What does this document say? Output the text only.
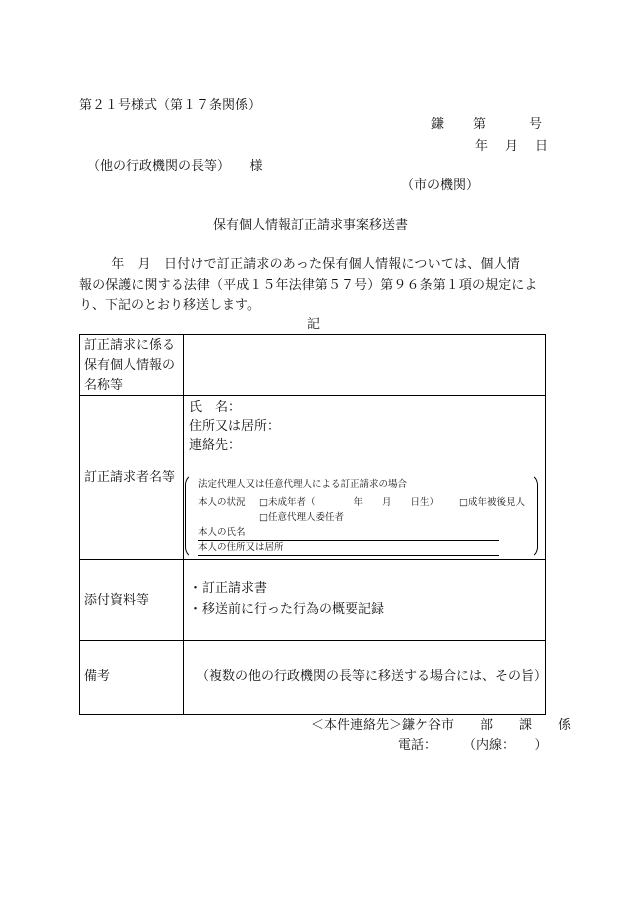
第２１号様式（第１７条関係）
鎌　　第　　　号
年　月　日
（他の行政機関の長等）　　様
（市の機関）
保有個人情報訂正請求事案移送書
　年　月　日付けで訂正請求のあった保有個人情報については、個人情
報の保護に関する法律（平成１５年法律第５７号）第９６条第１項の規定によ
り、下記のとおり移送します。
記
訂正請求に係る
保有個人情報の
名称等
訂正請求者名等
氏　名：
住所又は居所：
連絡先：
法定代理人又は任意代理人による訂正請求の場合
本人の状況 □未成年者（　　　　年　　月　　日生） □成年被後見人
□任意代理人委任者
本人の氏名
本人の住所又は居所
添付資料等
・訂正請求書
・移送前に行った行為の概要記録
備考	（複数の他の行政機関の長等に移送する場合には、その旨）
＜本件連絡先＞鎌ケ谷市　　部　　課　　係
電話：　　　（内線：　　）
